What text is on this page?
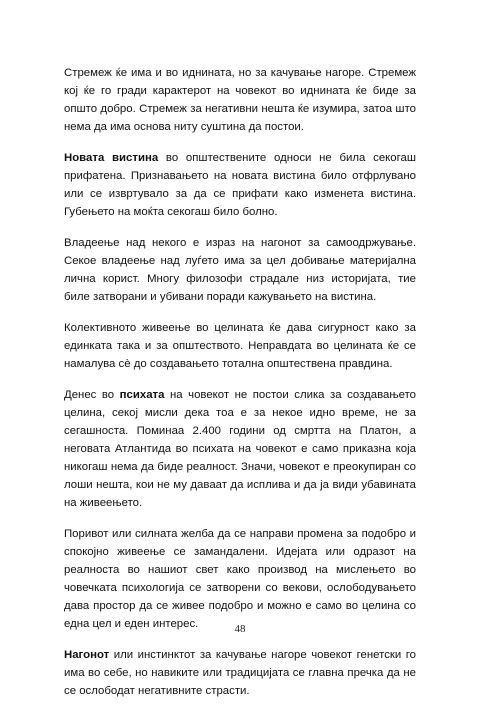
Стремеж ќе има и во иднината, но за качување нагоре. Стремеж кој ќе го гради карактерот на човекот во иднината ќе биде за општо добро. Стремеж за негативни нешта ќе изумира, затоа што нема да има основа ниту суштина да постои.

Новата вистина во општествените односи не била секогаш прифатена. Признавањето на новата вистина било отфрлувано или се извртувало за да се прифати како изменета вистина. Губењето на моќта секогаш било болно.

Владеење над некого е израз на нагонот за самоодржување. Секое владеење над луѓето има за цел добивање материјална лична корист. Многу филозофи страдале низ историјата, тие биле затворани и убивани поради кажувањето на вистина.

Колективното живеење во целината ќе дава сигурност како за единката така и за општеството. Неправдата во целината ќе се намалува сè до создавањето тотална општествена правдина.

Денес во психата на човекот не постои слика за создавањето целина, секој мисли дека тоа е за некое идно време, не за сегашноста. Поминаа 2.400 години од смртта на Платон, а неговата Атлантида во психата на човекот е само приказна која никогаш нема да биде реалност. Значи, човекот е преокупиран со лоши нешта, кои не му даваат да исплива и да ја види убавината на живеењето.

Поривот или силната желба да се направи промена за подобро и спокојно живеење се замандалени. Идејата или одразот на реалноста во нашиот свет како производ на мислењето во човечката психологија се затворени со векови, ослободувањето дава простор да се живее подобро и можно е само во целина со една цел и еден интерес.

Нагонот или инстинктот за качување нагоре човекот генетски го има во себе, но навиките или традицијата се главна пречка да не се ослободат негативните страсти.

48
